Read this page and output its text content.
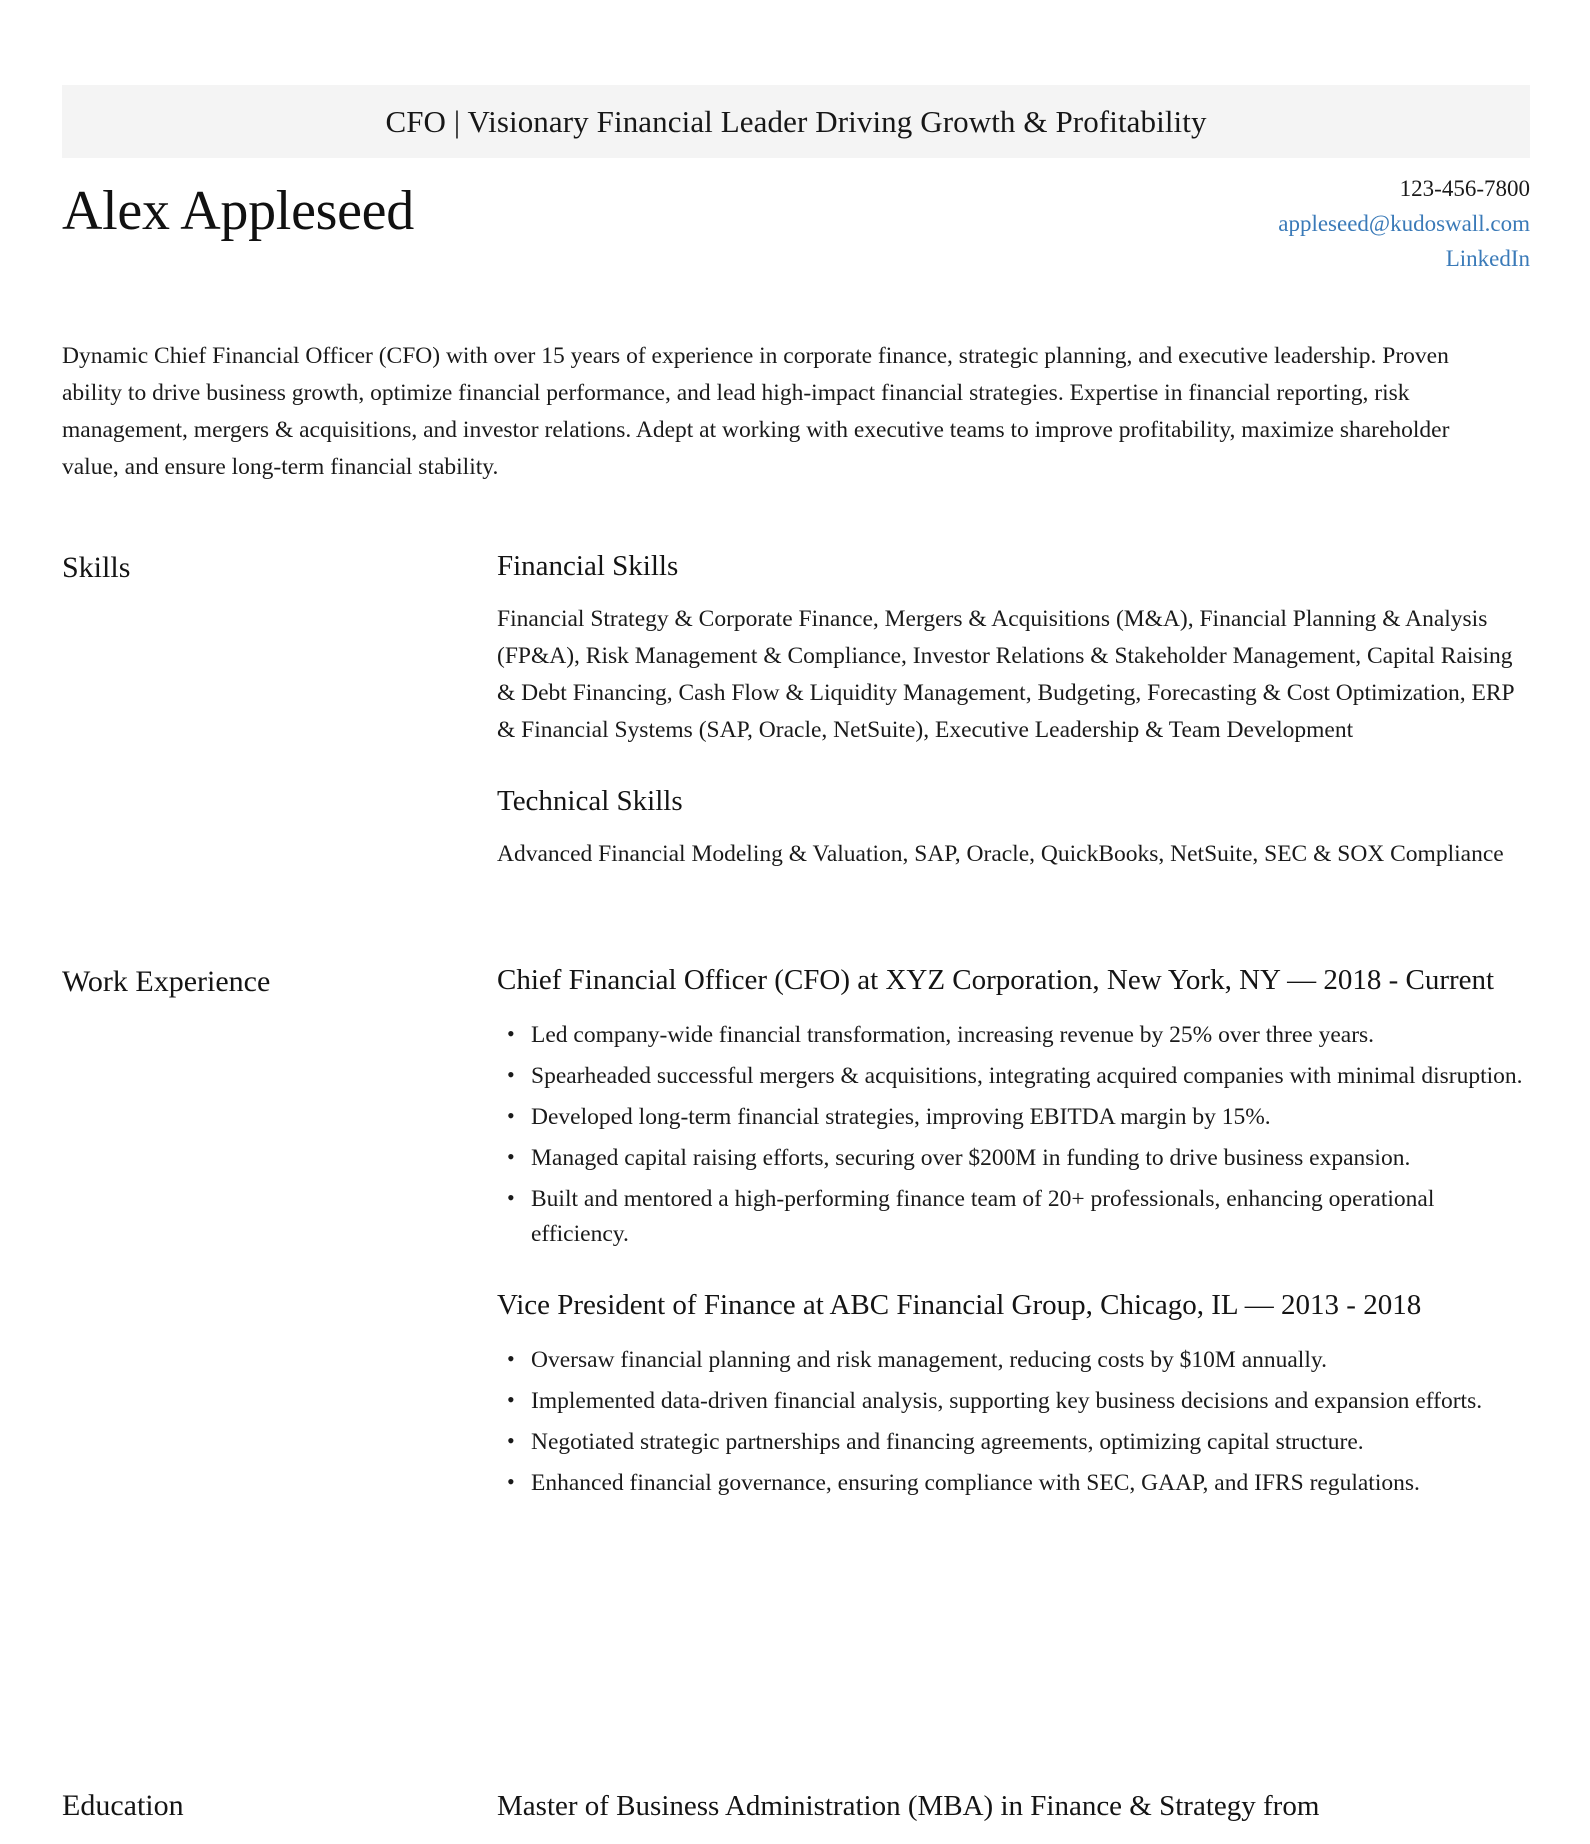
CFO | Visionary Financial Leader Driving Growth & Profitability
Alex Appleseed	123-456-7800
appleseed@kudoswall.com
LinkedIn
Dynamic Chief Financial Officer (CFO) with over 15 years of experience in corporate finance, strategic planning, and executive leadership. Proven ability to drive business growth, optimize financial performance, and lead high-impact financial strategies. Expertise in financial reporting, risk management, mergers & acquisitions, and investor relations. Adept at working with executive teams to improve profitability, maximize shareholder value, and ensure long-term financial stability.
Skills	Financial Skills

Financial Strategy & Corporate Finance, Mergers & Acquisitions (M&A), Financial Planning & Analysis (FP&A), Risk Management & Compliance, Investor Relations & Stakeholder Management, Capital Raising & Debt Financing, Cash Flow & Liquidity Management, Budgeting, Forecasting & Cost Optimization, ERP & Financial Systems (SAP, Oracle, NetSuite), Executive Leadership & Team Development

Technical Skills

Advanced Financial Modeling & Valuation, SAP, Oracle, QuickBooks, NetSuite, SEC & SOX Compliance

Work Experience	Chief Financial Officer (CFO) at XYZ Corporation, New York, NY — 2018 - Current
• Led company-wide financial transformation, increasing revenue by 25% over three years.
• Spearheaded successful mergers & acquisitions, integrating acquired companies with minimal disruption.
• Developed long-term financial strategies, improving EBITDA margin by 15%.
• Managed capital raising efforts, securing over $200M in funding to drive business expansion.
• Built and mentored a high-performing finance team of 20+ professionals, enhancing operational efficiency.
Vice President of Finance at ABC Financial Group, Chicago, IL — 2013 - 2018
• Oversaw financial planning and risk management, reducing costs by $10M annually.
• Implemented data-driven financial analysis, supporting key business decisions and expansion efforts.
• Negotiated strategic partnerships and financing agreements, optimizing capital structure.
• Enhanced financial governance, ensuring compliance with SEC, GAAP, and IFRS regulations.
Education	Master of Business Administration (MBA) in Finance & Strategy from
